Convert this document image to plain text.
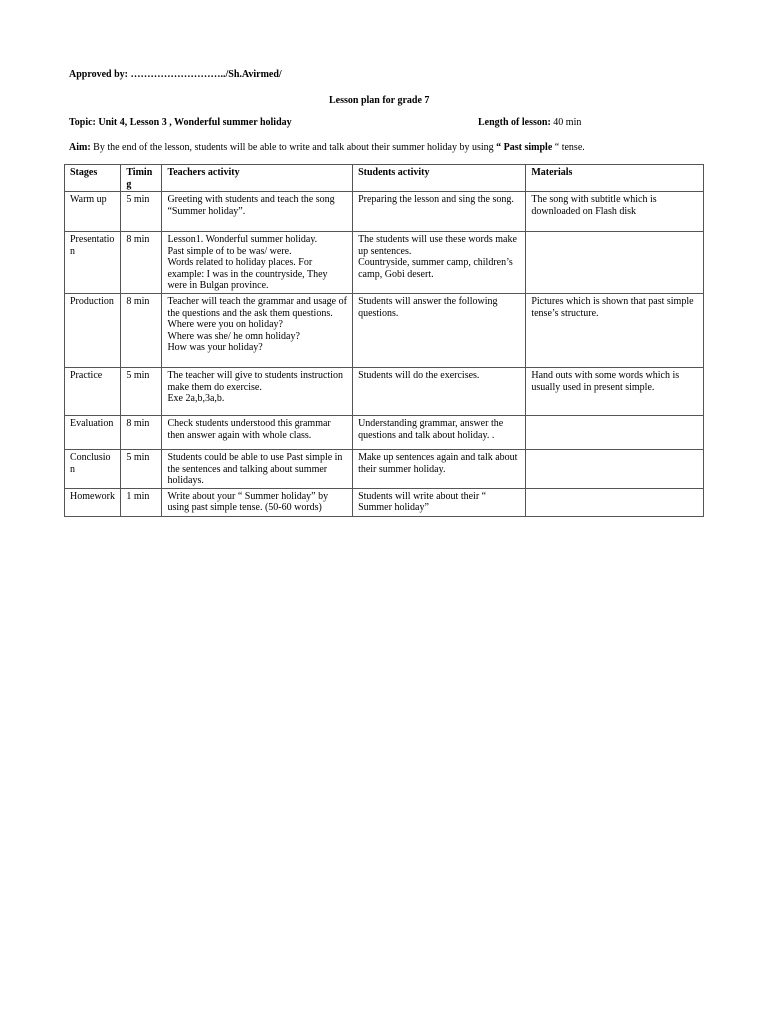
Approved by: ………………………../Sh.Avirmed/
Lesson plan for grade 7
Topic: Unit 4, Lesson 3 , Wonderful summer holiday	Length of lesson: 40 min
Aim: By the end of the lesson, students will be able to write and talk about their summer holiday by using “ Past simple “ tense.
Stages	Timing	Teachers activity	Students activity	Materials
Warm up	5 min	Greeting with students and teach the song “Summer holiday”.	Preparing the lesson and sing the song.	The song with subtitle which is downloaded on Flash disk
Presentation	8 min	Lesson1. Wonderful summer holiday.
Past simple of to be was/ were.
Words related to holiday places. For example: I was in the countryside, They were in Bulgan province.	The students will use these words make up sentences.
Countryside, summer camp, children’s camp, Gobi desert.	
Production	8 min	Teacher will teach the grammar and usage of the questions and the ask them questions.
Where were you on holiday?
Where was she/ he omn holiday?
How was your holiday?	Students will answer the following questions.	Pictures which is shown that past simple tense’s structure.
Practice	5 min	The teacher will give to students instruction make them do exercise.
Exe 2a,b,3a,b.	Students will do the exercises.	Hand outs with some words which is usually used in present simple.
Evaluation	8 min	Check students understood this grammar then answer again with whole class.	Understanding grammar, answer the questions and talk about holiday. .	
Conclusion	5 min	Students could be able to use Past simple in the sentences and talking about summer holidays.	Make up sentences again and talk about their summer holiday.	
Homework	1 min	Write about your “ Summer holiday” by using past simple tense. (50-60 words)	Students will write about their “ Summer holiday”	
